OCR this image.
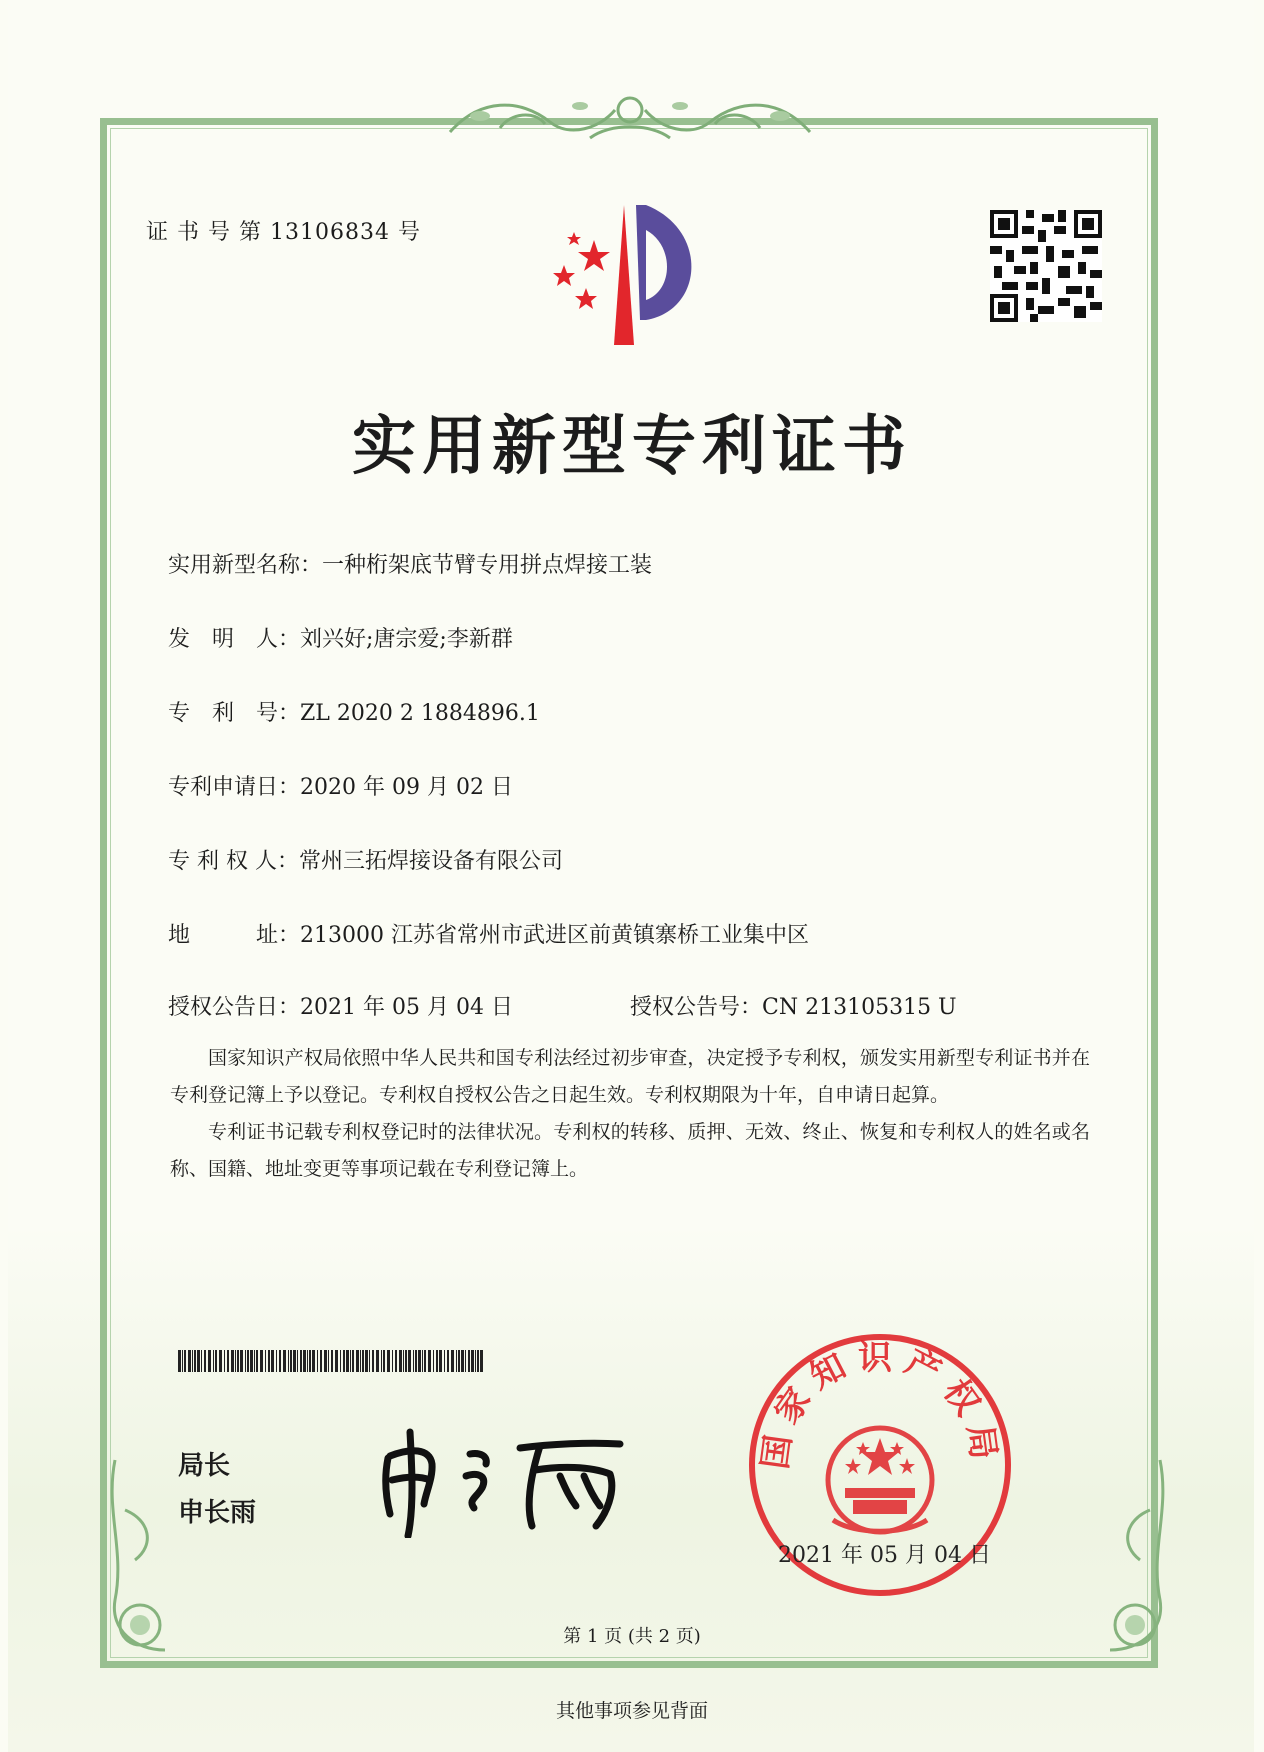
证 书 号 第 13106834 号
实用新型专利证书
实用新型名称：一种桁架底节臂专用拼点焊接工装
发　明　人：刘兴好;唐宗爱;李新群
专　利　号：ZL 2020 2 1884896.1
专利申请日：2020 年 09 月 02 日
专 利 权 人：常州三拓焊接设备有限公司
地　　　址：213000 江苏省常州市武进区前黄镇寨桥工业集中区
授权公告日：2021 年 05 月 04 日	授权公告号：CN 213105315 U

国家知识产权局依照中华人民共和国专利法经过初步审查，决定授予专利权，颁发实用新型专利证书并在专利登记簿上予以登记。专利权自授权公告之日起生效。专利权期限为十年，自申请日起算。

专利证书记载专利权登记时的法律状况。专利权的转移、质押、无效、终止、恢复和专利权人的姓名或名称、国籍、地址变更等事项记载在专利登记簿上。

局长
申长雨
国家知识产权局
2021 年 05 月 04 日
第 1 页 (共 2 页)
其他事项参见背面
